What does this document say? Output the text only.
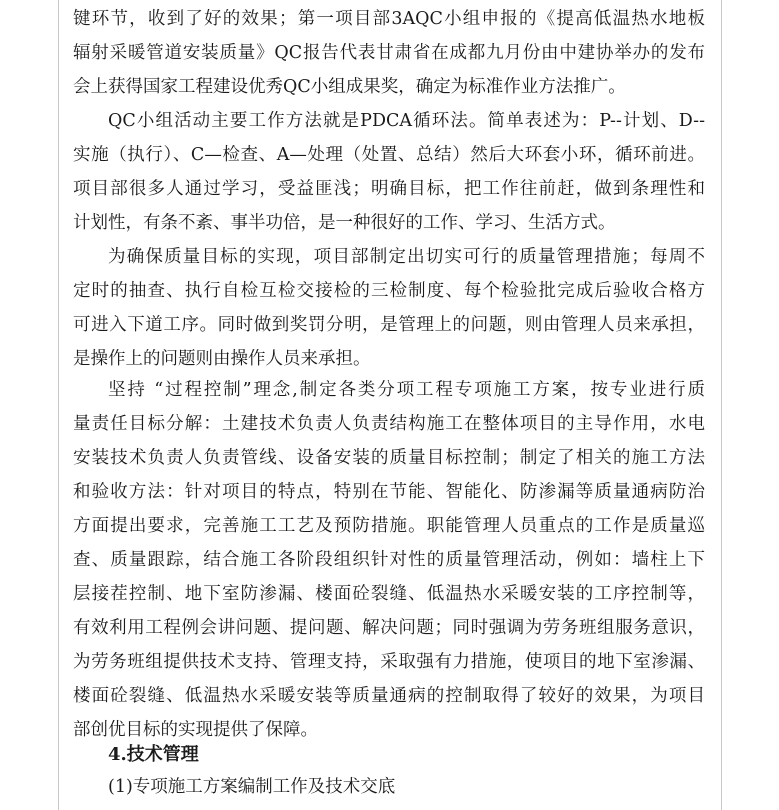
键环节，收到了好的效果；第一项目部3AQC小组申报的《提高低温热水地板
辐射采暖管道安装质量》QC报告代表甘肃省在成都九月份由中建协举办的发布
会上获得国家工程建设优秀QC小组成果奖，确定为标准作业方法推广。
QC小组活动主要工作方法就是PDCA循环法。简单表述为：P--计划、D--
实施（执行）、C—检查、A—处理（处置、总结）然后大环套小环，循环前进。
项目部很多人通过学习，受益匪浅；明确目标，把工作往前赶，做到条理性和
计划性，有条不紊、事半功倍，是一种很好的工作、学习、生活方式。
为确保质量目标的实现，项目部制定出切实可行的质量管理措施；每周不
定时的抽查、执行自检互检交接检的三检制度、每个检验批完成后验收合格方
可进入下道工序。同时做到奖罚分明，是管理上的问题，则由管理人员来承担，
是操作上的问题则由操作人员来承担。
坚持 “过程控制”理念,制定各类分项工程专项施工方案，按专业进行质
量责任目标分解：土建技术负责人负责结构施工在整体项目的主导作用，水电
安装技术负责人负责管线、设备安装的质量目标控制；制定了相关的施工方法
和验收方法：针对项目的特点，特别在节能、智能化、防渗漏等质量通病防治
方面提出要求，完善施工工艺及预防措施。职能管理人员重点的工作是质量巡
查、质量跟踪，结合施工各阶段组织针对性的质量管理活动，例如：墙柱上下
层接茬控制、地下室防渗漏、楼面砼裂缝、低温热水采暖安装的工序控制等，
有效利用工程例会讲问题、提问题、解决问题；同时强调为劳务班组服务意识，
为劳务班组提供技术支持、管理支持，采取强有力措施，使项目的地下室渗漏、
楼面砼裂缝、低温热水采暖安装等质量通病的控制取得了较好的效果，为项目
部创优目标的实现提供了保障。
4.技术管理
(1)专项施工方案编制工作及技术交底
